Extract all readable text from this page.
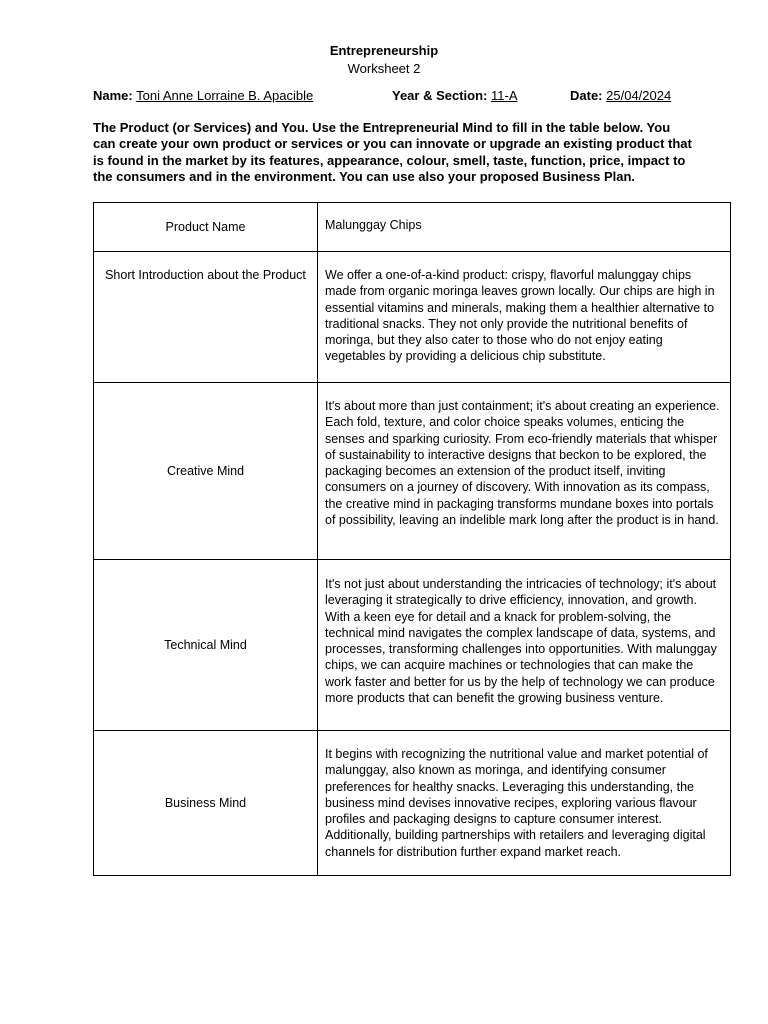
Entrepreneurship
Worksheet 2
Name: Toni Anne Lorraine B. Apacible	Year & Section: 11-A	Date: 25/04/2024
The Product (or Services) and You. Use the Entrepreneurial Mind to fill in the table below. You can create your own product or services or you can innovate or upgrade an existing product that is found in the market by its features, appearance, colour, smell, taste, function, price, impact to the consumers and in the environment. You can use also your proposed Business Plan.
Product Name	Malunggay Chips
Short Introduction about the Product	We offer a one-of-a-kind product: crispy, flavorful malunggay chips made from organic moringa leaves grown locally. Our chips are high in essential vitamins and minerals, making them a healthier alternative to traditional snacks. They not only provide the nutritional benefits of moringa, but they also cater to those who do not enjoy eating vegetables by providing a delicious chip substitute.
Creative Mind	It's about more than just containment; it's about creating an experience. Each fold, texture, and color choice speaks volumes, enticing the senses and sparking curiosity. From eco-friendly materials that whisper of sustainability to interactive designs that beckon to be explored, the packaging becomes an extension of the product itself, inviting consumers on a journey of discovery. With innovation as its compass, the creative mind in packaging transforms mundane boxes into portals of possibility, leaving an indelible mark long after the product is in hand.
Technical Mind	It's not just about understanding the intricacies of technology; it's about leveraging it strategically to drive efficiency, innovation, and growth. With a keen eye for detail and a knack for problem-solving, the technical mind navigates the complex landscape of data, systems, and processes, transforming challenges into opportunities. With malunggay chips, we can acquire machines or technologies that can make the work faster and better for us by the help of technology we can produce more products that can benefit the growing business venture.
Business Mind	It begins with recognizing the nutritional value and market potential of malunggay, also known as moringa, and identifying consumer preferences for healthy snacks. Leveraging this understanding, the business mind devises innovative recipes, exploring various flavour profiles and packaging designs to capture consumer interest. Additionally, building partnerships with retailers and leveraging digital channels for distribution further expand market reach.
